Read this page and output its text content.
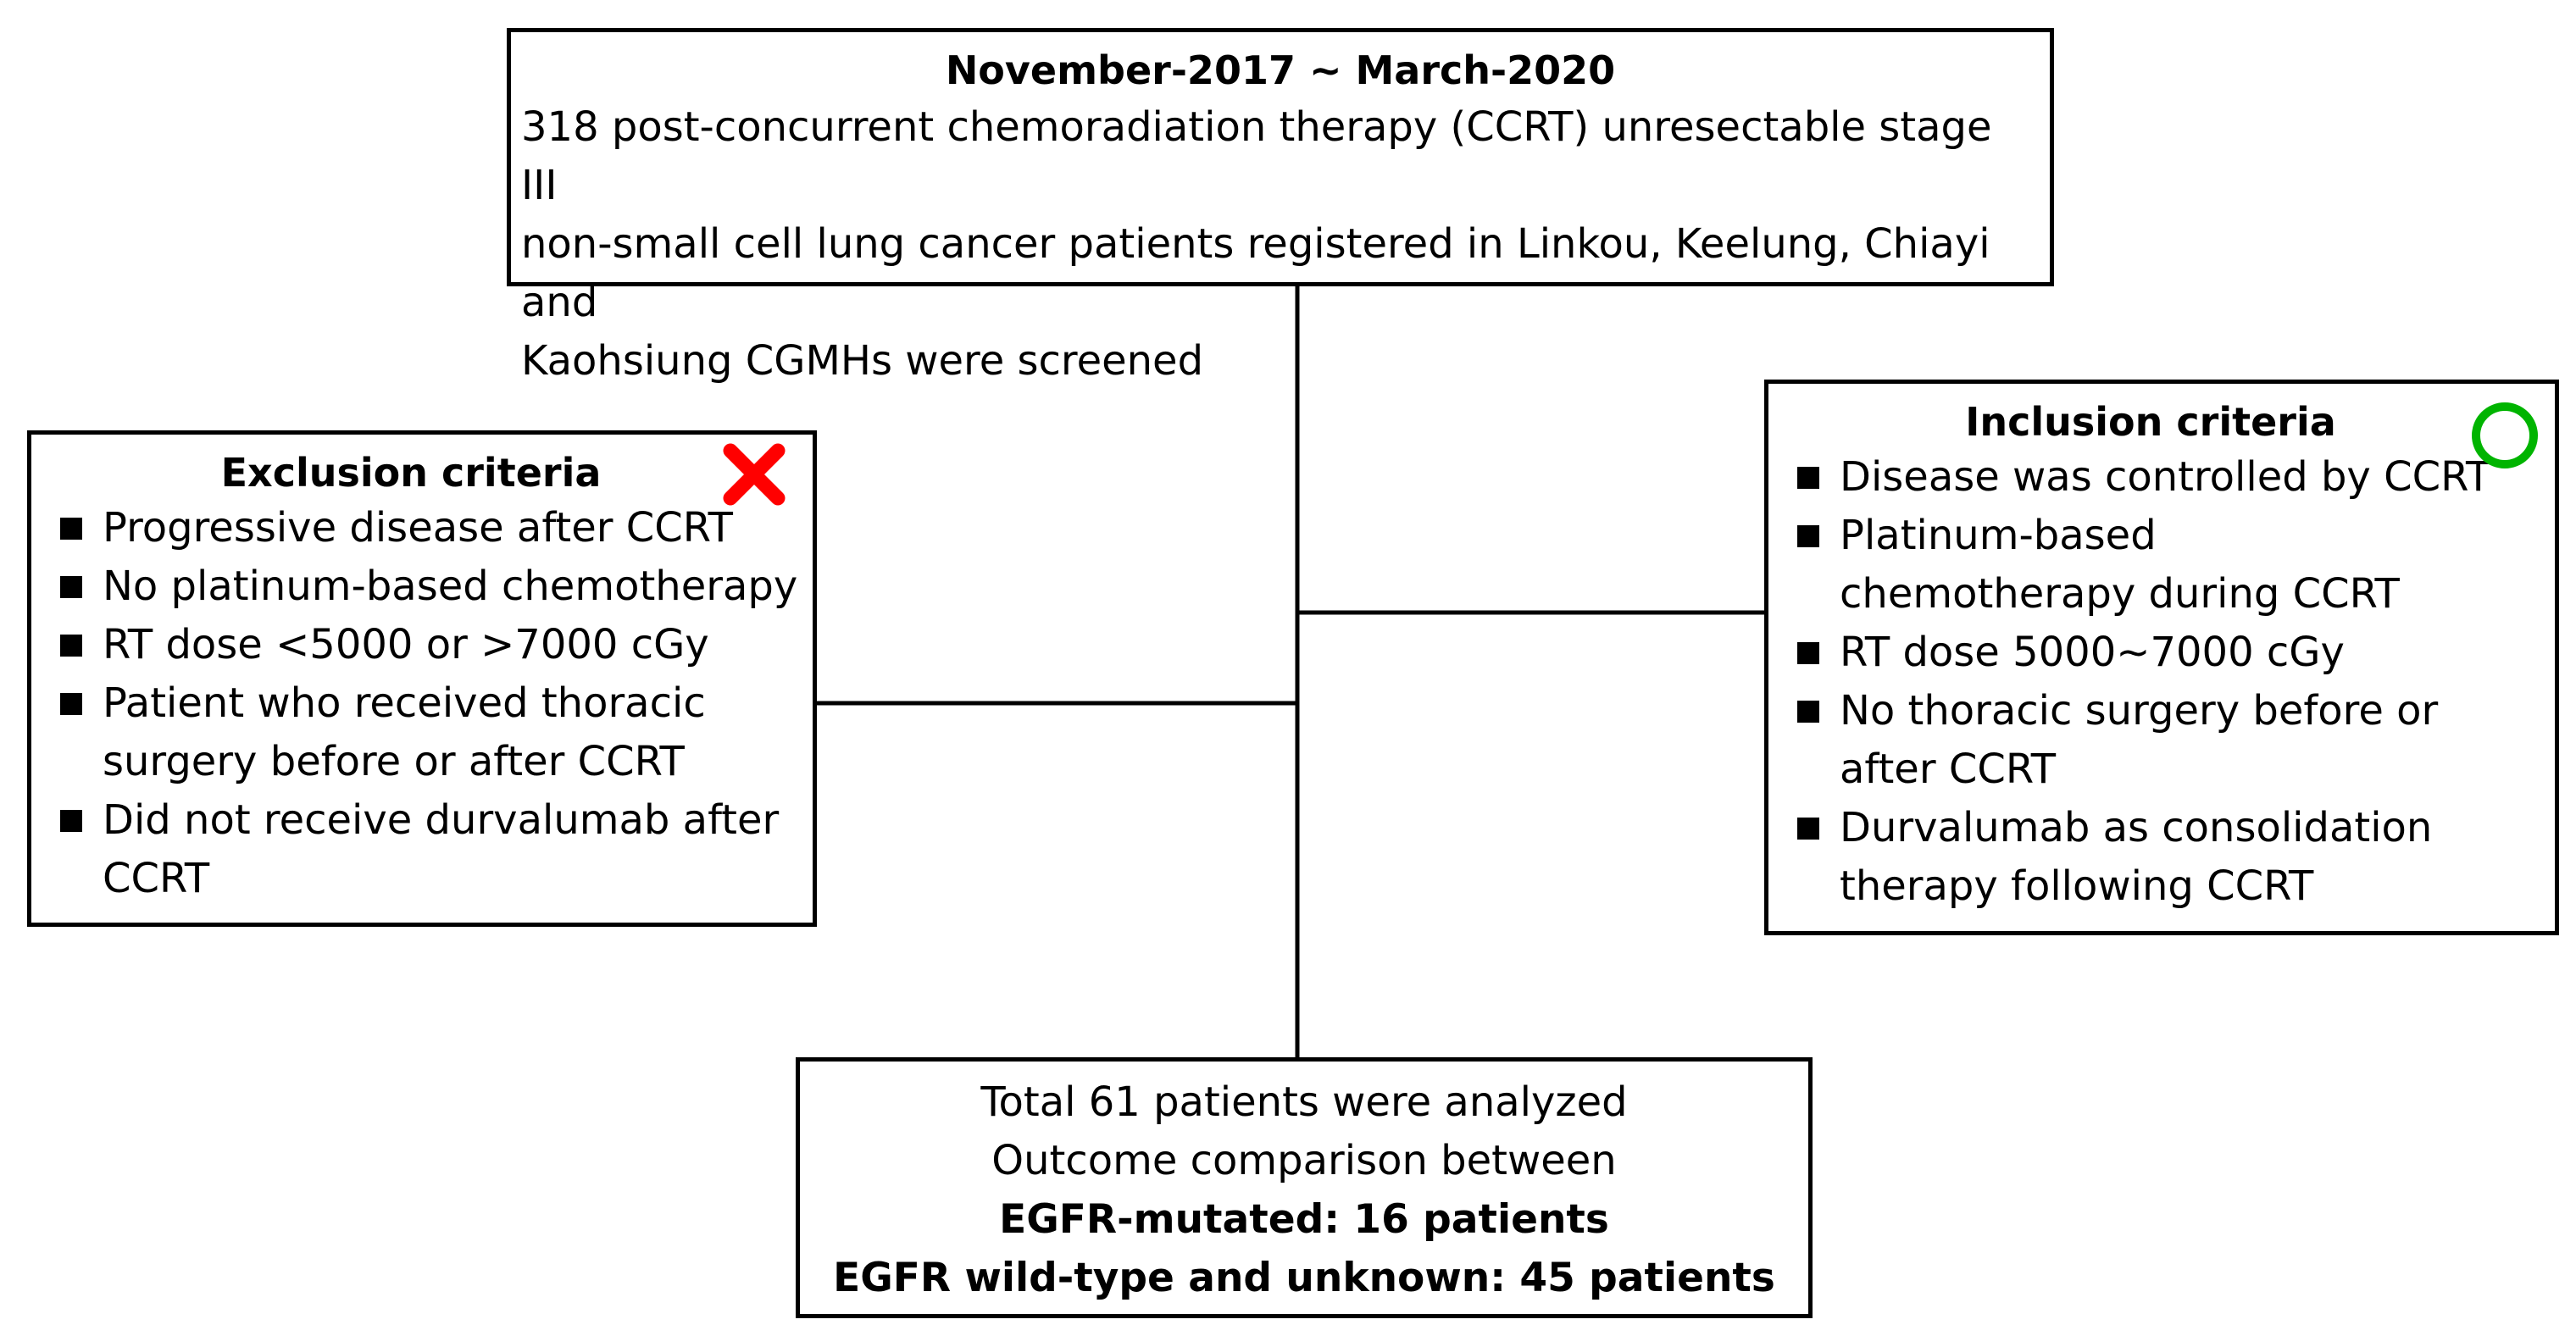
November-2017 ~ March-2020
318 post-concurrent chemoradiation therapy (CCRT) unresectable stage III
non-small cell lung cancer patients registered in Linkou, Keelung, Chiayi and
Kaohsiung CGMHs were screened
Exclusion criteria
Progressive disease after CCRT
No platinum-based chemotherapy
RT dose <5000 or >7000 cGy
Patient who received thoracic surgery before or after CCRT
Did not receive durvalumab after CCRT
Inclusion criteria
Disease was controlled by CCRT
Platinum-based chemotherapy during CCRT
RT dose 5000~7000 cGy
No thoracic surgery before or after CCRT
Durvalumab as consolidation therapy following CCRT
Total 61 patients were analyzed
Outcome comparison between
EGFR-mutated: 16 patients
EGFR wild-type and unknown: 45 patients
